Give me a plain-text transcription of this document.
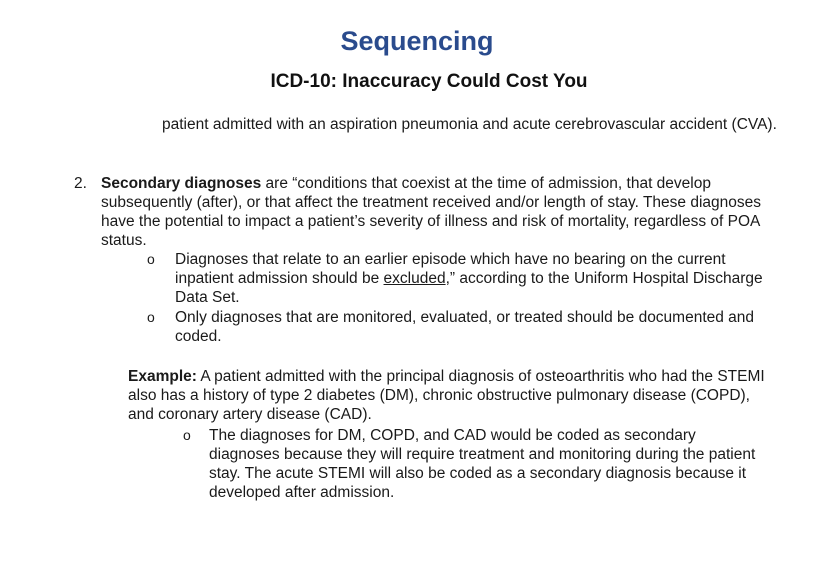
Sequencing
ICD-10: Inaccuracy Could Cost You

patient admitted with an aspiration pneumonia and acute cerebrovascular accident (CVA).

2. Secondary diagnoses are “conditions that coexist at the time of admission, that develop subsequently (after), or that affect the treatment received and/or length of stay. These diagnoses have the potential to impact a patient’s severity of illness and risk of mortality, regardless of POA status.

o Diagnoses that relate to an earlier episode which have no bearing on the current inpatient admission should be excluded,” according to the Uniform Hospital Discharge Data Set.

o Only diagnoses that are monitored, evaluated, or treated should be documented and coded.

Example: A patient admitted with the principal diagnosis of osteoarthritis who had the STEMI also has a history of type 2 diabetes (DM), chronic obstructive pulmonary disease (COPD), and coronary artery disease (CAD).

o The diagnoses for DM, COPD, and CAD would be coded as secondary diagnoses because they will require treatment and monitoring during the patient stay. The acute STEMI will also be coded as a secondary diagnosis because it developed after admission.
